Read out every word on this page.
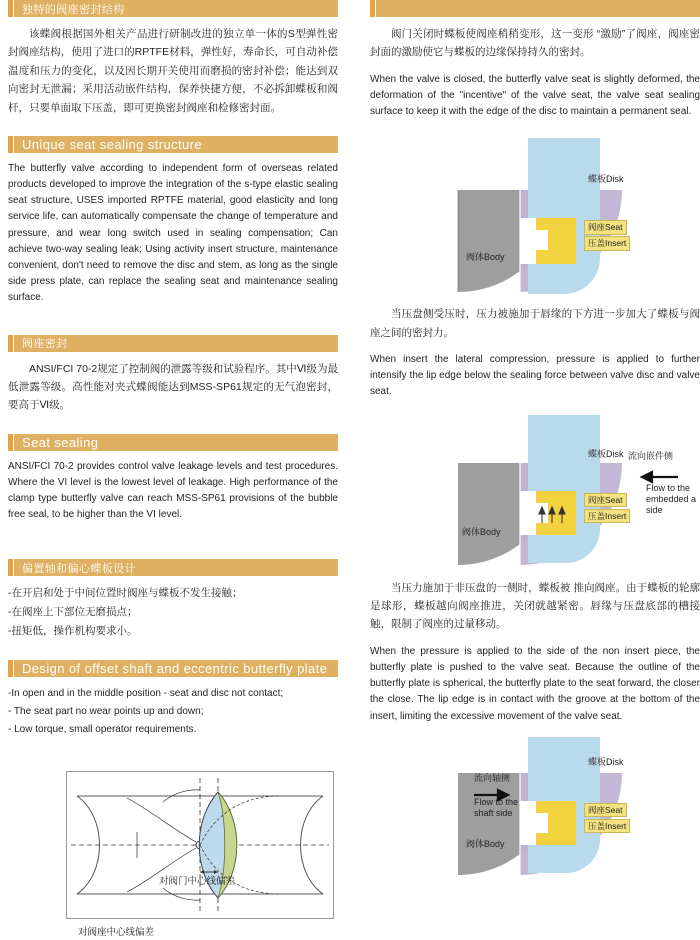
独特的阀座密封结构

该蝶阀根据国外相关产品进行研制改进的独立单一体的S型弹性密封阀座结构，使用了进口的RPTFE材料，弹性好，寿命长，可自动补偿温度和压力的变化，以及因长期开关使用而磨损的密封补偿；能达到双向密封无泄漏；采用活动嵌件结构，保养快捷方便，不必拆卸蝶板和阀杆，只要单面取下压盖，即可更换密封阀座和检修密封面。

Unique seat sealing structure

The butterfly valve according to independent form of overseas related products developed to improve the integration of the s-type elastic sealing seat structure, USES imported RPTFE material, good elasticity and long service life, can automatically compensate the change of temperature and pressure, and wear long switch used in sealing compensation; Can achieve two-way sealing leak; Using activity insert structure, maintenance convenient, don't need to remove the disc and stem, as long as the single side press plate, can replace the sealing seat and maintenance sealing surface.

阀座密封

ANSI/FCI 70-2规定了控制阀的泄露等级和试验程序。其中Ⅵ级为最低泄露等级。高性能对夹式蝶阀能达到MSS-SP61规定的无气泡密封，要高于Ⅵ级。

Seat sealing

ANSI/FCI 70-2 provides control valve leakage levels and test procedures. Where the VI level is the lowest level of leakage. High performance of the clamp type butterfly valve can reach MSS-SP61 provisions of the bubble free seal, to be higher than the VI level.

偏置轴和偏心蝶板设计
-在开启和处于中间位置时阀座与蝶板不发生接触；
-在阀座上下部位无磨损点；
-扭矩低，操作机构要求小。
Design of offset shaft and eccentric butterfly plate
-In open and in the middle position - seat and disc not contact;
- The seat part no wear points up and down;
- Low torque, small operator requirements.
对阀门中心线偏差
对阀座中心线偏差

阀门关闭时蝶板使阀座稍稍变形，这一变形 “激励”了阀座，阀座密封面的激励使它与蝶板的边缘保持持久的密封。

When the valve is closed, the butterfly valve seat is slightly deformed, the deformation of the "incentive" of the valve seat, the valve seat sealing surface to keep it with the edge of the disc to maintain a permanent seal.

蝶板Disk
阀座Seat
压盖Insert
阀体Body

当压盘侧受压时，压力被施加于唇缘的下方进一步加大了蝶板与阀座之间的密封力。

When insert the lateral compression, pressure is applied to further intensify the lip edge below the sealing force between valve disc and valve seat.

蝶板Disk
阀座Seat
压盖Insert
阀体Body
流向嵌件侧
Flow to the embedded a side

当压力施加于非压盘的一侧时，蝶板被 推向阀座。由于蝶板的轮廓是球形，蝶板越向阀座推进，关闭就越紧密。唇缘与压盘底部的槽接触，限制了阀座的过量移动。

When the pressure is applied to the side of the non insert piece, the butterfly plate is pushed to the valve seat. Because the outline of the butterfly plate is spherical, the butterfly plate to the seat forward, the closer the close. The lip edge is in contact with the groove at the bottom of the insert, limiting the excessive movement of the valve seat.

蝶板Disk
阀座Seat
压盖Insert
阀体Body
流向轴侧
Flow to the shaft side
